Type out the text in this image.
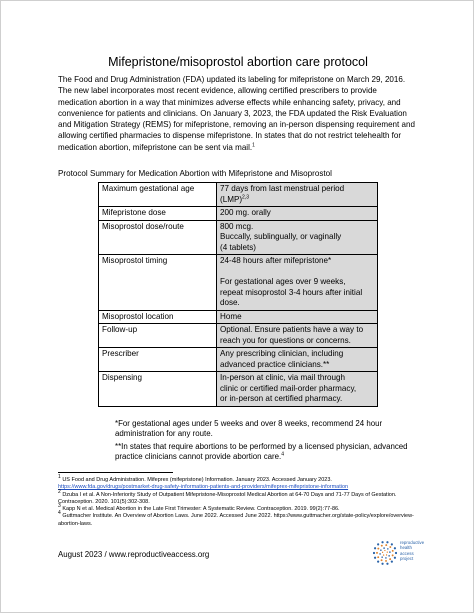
Mifepristone/misoprostol abortion care protocol
The Food and Drug Administration (FDA) updated its labeling for mifepristone on March 29, 2016. The new label incorporates most recent evidence, allowing certified prescribers to provide medication abortion in a way that minimizes adverse effects while enhancing safety, privacy, and convenience for patients and clinicians. On January 3, 2023, the FDA updated the Risk Evaluation and Mitigation Strategy (REMS) for mifepristone, removing an in-person dispensing requirement and allowing certified pharmacies to dispense mifepristone. In states that do not restrict telehealth for medication abortion, mifepristone can be sent via mail.$^1$
Protocol Summary for Medication Abortion with Mifepristone and Misoprostol
Maximum gestational age	77 days from last menstrual period
(LMP)$^{2,3}$

Mifepristone dose	200 mg. orally

Misoprostol dose/route	800 mcg.
Buccally, sublingually, or vaginally
(4 tablets)

Misoprostol timing	24-48 hours after mifepristone*

For gestational ages over 9 weeks,
repeat misoprostol 3-4 hours after initial
dose.

Misoprostol location	Home

Follow-up	Optional. Ensure patients have a way to
reach you for questions or concerns.

Prescriber	Any prescribing clinician, including
advanced practice clinicians.**

Dispensing	In-person at clinic, via mail through
clinic or certified mail-order pharmacy,
or in-person at certified pharmacy.

*For gestational ages under 5 weeks and over 8 weeks, recommend 24 hour administration for any route.

**In states that require abortions to be performed by a licensed physician, advanced practice clinicians cannot provide abortion care.$^4$

$^1$ US Food and Drug Administration. Mifeprex (mifepristone) Information. January 2023. Accessed January 2023. https://www.fda.gov/drugs/postmarket-drug-safety-information-patients-and-providers/mifeprex-mifepristone-information

$^2$ Dzuba I et al. A Non-Inferiority Study of Outpatient Mifepristone-Misoprostol Medical Abortion at 64-70 Days and 71-77 Days of Gestation. Contraception. 2020. 101(5):302-308.

$^3$ Kapp N et al. Medical Abortion in the Late First Trimester: A Systematic Review. Contraception. 2019. 99(2):77-86.

$^4$ Guttmacher Institute. An Overview of Abortion Laws. June 2022. Accessed June 2022. https://www.guttmacher.org/state-policy/explore/overview-abortion-laws.

August 2023 / www.reproductiveaccess.org
reproductive
health
access
project
